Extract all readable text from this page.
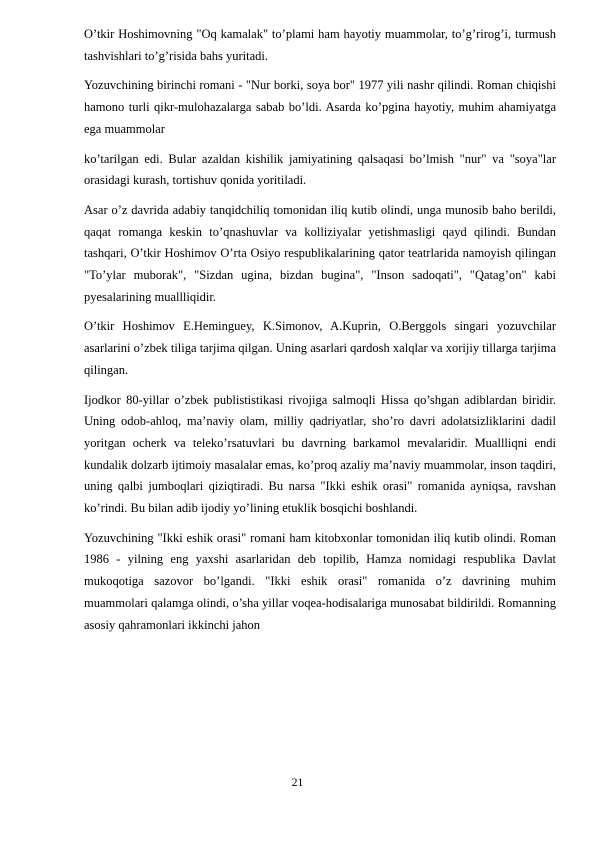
O’tkir Hoshimovning "Oq kamalak" to’plami ham hayotiy muammolar, to’g’rirog’i, turmush tashvishlari to’g’risida bahs yuritadi.

Yozuvchining birinchi romani - "Nur borki, soya bor" 1977 yili nashr qilindi. Roman chiqishi hamono turli qikr-mulohazalarga sabab bo’ldi. Asarda ko’pgina hayotiy, muhim ahamiyatga ega muammolar

ko’tarilgan edi. Bular azaldan kishilik jamiyatining qalsaqasi bo’lmish "nur" va "soya"lar orasidagi kurash, tortishuv qonida yoritiladi.

Asar o’z davrida adabiy tanqidchiliq tomonidan iliq kutib olindi, unga munosib baho berildi, qaqat romanga keskin to’qnashuvlar va kolliziyalar yetishmasligi qayd qilindi. Bundan tashqari, O’tkir Hoshimov O’rta Osiyo respublikalarining qator teatrlarida namoyish qilingan "To’ylar muborak", "Sizdan ugina, bizdan bugina", "Inson sadoqati", "Qatag’on" kabi pyesalarining muallliqidir.

O’tkir Hoshimov E.Heminguey, K.Simonov, A.Kuprin, O.Berggols singari yozuvchilar asarlarini o’zbek tiliga tarjima qilgan. Uning asarlari qardosh xalqlar va xorijiy tillarga tarjima qilingan.

Ijodkor 80-yillar o’zbek publististikasi rivojiga salmoqli Hissa qo’shgan adiblardan biridir. Uning odob-ahloq, ma’naviy olam, milliy qadriyatlar, sho’ro davri adolatsizliklarini dadil yoritgan ocherk va teleko’rsatuvlari bu davrning barkamol mevalaridir. Muallliqni endi kundalik dolzarb ijtimoiy masalalar emas, ko’proq azaliy ma’naviy muammolar, inson taqdiri, uning qalbi jumboqlari qiziqtiradi. Bu narsa "Ikki eshik orasi" romanida ayniqsa, ravshan ko’rindi. Bu bilan adib ijodiy yo’lining etuklik bosqichi boshlandi.

Yozuvchining "Ikki eshik orasi" romani ham kitobxonlar tomonidan iliq kutib olindi. Roman 1986 - yilning eng yaxshi asarlaridan deb topilib, Hamza nomidagi respublika Davlat mukoqotiga sazovor bo’lgandi. "Ikki eshik orasi" romanida o’z davrining muhim muammolari qalamga olindi, o’sha yillar voqea-hodisalariga munosabat bildirildi. Romanning asosiy qahramonlari ikkinchi jahon

21
